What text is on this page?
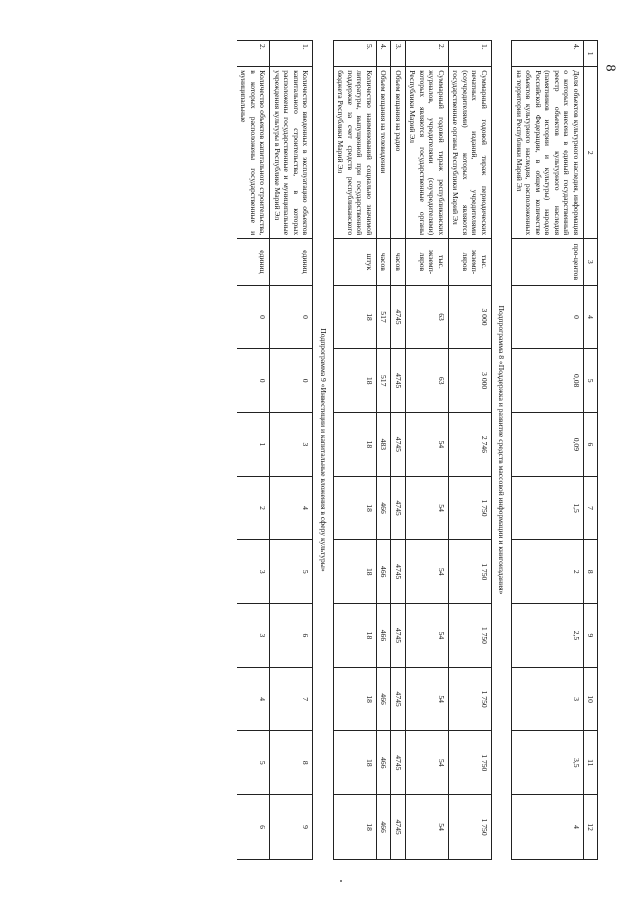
8
1	2	3	4	5	6	7	8	9	10	11	12
4.	Доля объектов культурного наследия, информация о которых внесена в единый государственный реестр объектов культурного наследия (памятников истории и культуры) народов Российской Федерации, в общем количестве объектов культурного наследия, расположенных на территории Республики Марий Эл	про-центов	0	0,08	0,09	1,5	2	2,5	3	3,5	4
Подпрограмма 8 «Поддержка и развитие средств массовой информации и книгоиздания»											
1.	Суммарный годовой тираж периодических печатных изданий, учредителями (соучредителями) которых являются государственные органы Республики Марий Эл	тыс. экземп-ляров	3 000	3 000	2 746	1 750	1 750	1 750	1 750	1 750	1 750
2.	Суммарный годовой тираж республиканских журналов, учредителями (соучредителями) которых являются государственные органы Республики Марий Эл	тыс. экземп-ляров	63	63	54	54	54	54	54	54	54
3.	Объем вещания на радио	часов	4745	4745	4745	4745	4745	4745	4745	4745	4745
4.	Объем вещания на телевидении	часов	517	517	483	466	466	466	466	466	466
5.	Количество наименований социально значимой литературы, выпущенной при государственной поддержке за счет средств республиканского бюджета Республики Марий Эл	штук	18	18	18	18	18	18	18	18	18
Подпрограмма 9 «Инвестиции и капитальные вложения в сферу культуры»											
1.	Количество введенных в эксплуатацию объектов капитального строительства, в которых расположены государственные и муниципальные учреждения культуры в Республике Марий Эл	единиц	0	0	3	4	5	6	7	8	9
2.	Количество объектов капитального строительства, в которых расположены государственные и муниципальные	единиц	0	0	1	2	3	3	4	5	6
